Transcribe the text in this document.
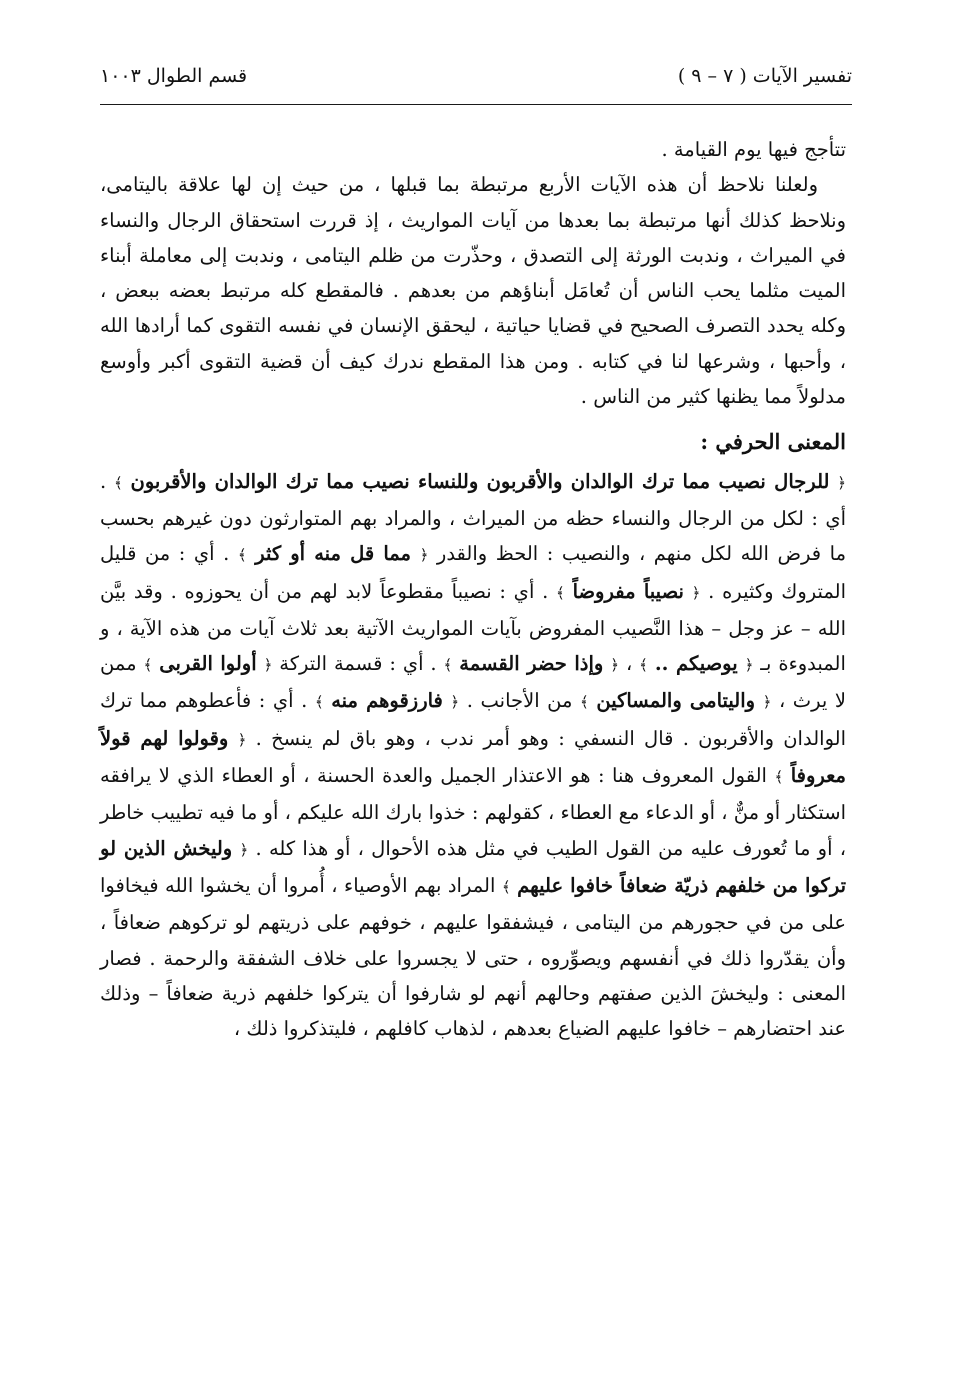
تفسير الآيات ( ٧ – ٩ )
قسم الطوال ١٠٠٣

تتأجج فيها يوم القيامة .

ولعلنا نلاحظ أن هذه الآيات الأربع مرتبطة بما قبلها ، من حيث إن لها علاقة باليتامى، ونلاحظ كذلك أنها مرتبطة بما بعدها من آيات المواريث ، إذ قررت استحقاق الرجال والنساء في الميراث ، وندبت الورثة إلى التصدق ، وحذّرت من ظلم اليتامى ، وندبت إلى معاملة أبناء الميت مثلما يحب الناس أن تُعامَل أبناؤهم من بعدهم . فالمقطع كله مرتبط بعضه ببعض ، وكله يحدد التصرف الصحيح في قضايا حياتية ، ليحقق الإنسان في نفسه التقوى كما أرادها الله ، وأحبها ، وشرعها لنا في كتابه . ومن هذا المقطع ندرك كيف أن قضية التقوى أكبر وأوسع مدلولاً مما يظنها كثير من الناس .

المعنى الحرفي :

﴿ للرجال نصيب مما ترك الوالدان والأقربون وللنساء نصيب مما ترك الوالدان والأقربون ﴾ . أي : لكل من الرجال والنساء حظه من الميراث ، والمراد بهم المتوارثون دون غيرهم بحسب ما فرض الله لكل منهم ، والنصيب : الحظ والقدر ﴿ مما قل منه أو كثر ﴾ . أي : من قليل المتروك وكثيره . ﴿ نصيباً مفروضاً ﴾ . أي : نصيباً مقطوعاً لابد لهم من أن يحوزوه . وقد بيَّن الله – عز وجل – هذا النَّصيب المفروض بآيات المواريث الآتية بعد ثلاث آيات من هذه الآية ، و المبدوءة بـ ﴿ يوصيكم .. ﴾ ، ﴿ وإذا حضر القسمة ﴾ . أي : قسمة التركة ﴿ أولوا القربى ﴾ ممن لا يرث ، ﴿ واليتامى والمساكين ﴾ من الأجانب . ﴿ فارزقوهم منه ﴾ . أي : فأعطوهم مما ترك الوالدان والأقربون . قال النسفي : وهو أمر ندب ، وهو باق لم ينسخ . ﴿ وقولوا لهم قولاً معروفاً ﴾ القول المعروف هنا : هو الاعتذار الجميل والعدة الحسنة ، أو العطاء الذي لا يرافقه استكثار أو منٌّ ، أو الدعاء مع العطاء ، كقولهم : خذوا بارك الله عليكم ، أو ما فيه تطييب خاطر ، أو ما تُعورف عليه من القول الطيب في مثل هذه الأحوال ، أو هذا كله . ﴿ وليخش الذين لو تركوا من خلفهم ذريّة ضعافاً خافوا عليهم ﴾ المراد بهم الأوصياء ، أُمروا أن يخشوا الله فيخافوا على من في حجورهم من اليتامى ، فيشفقوا عليهم ، خوفهم على ذريتهم لو تركوهم ضعافاً ، وأن يقدّروا ذلك في أنفسهم ويصوِّروه ، حتى لا يجسروا على خلاف الشفقة والرحمة . فصار المعنى : وليخشَ الذين صفتهم وحالهم أنهم لو شارفوا أن يتركوا خلفهم ذرية ضعافاً – وذلك عند احتضارهم – خافوا عليهم الضياع بعدهم ، لذهاب كافلهم ، فليتذكروا ذلك ،
